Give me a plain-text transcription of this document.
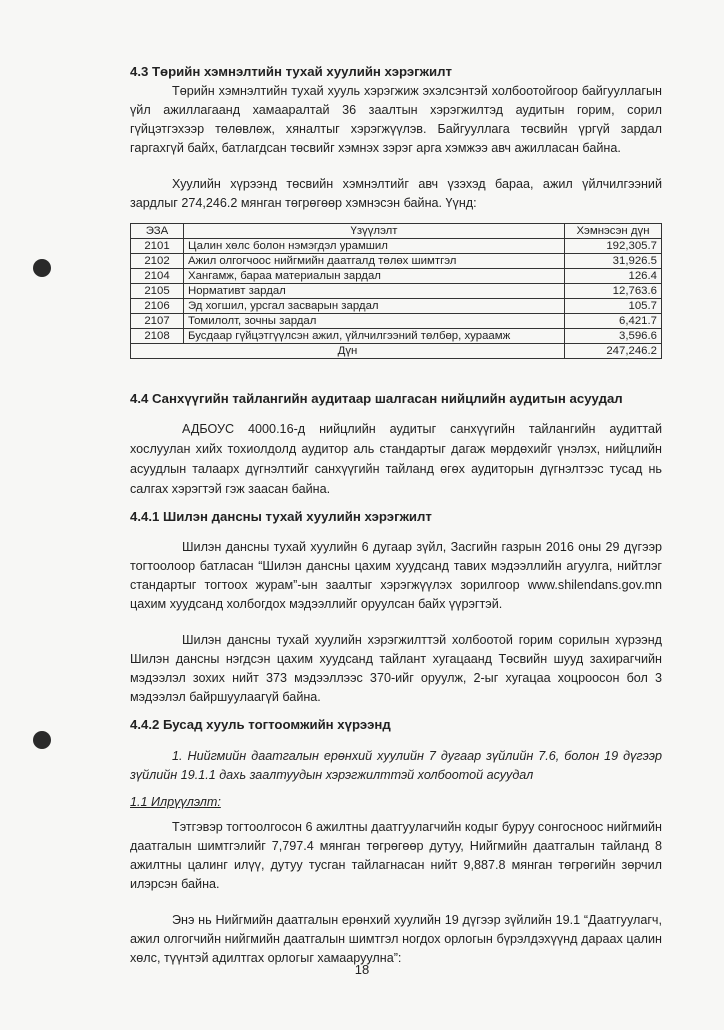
4.3 Төрийн хэмнэлтийн тухай хуулийн хэрэгжилт

Төрийн хэмнэлтийн тухай хууль хэрэгжиж эхэлсэнтэй холбоотойгоор байгууллагын үйл ажиллагаанд хамааралтай 36 заалтын хэрэгжилтэд аудитын горим, сорил гүйцэтгэхээр төлөвлөж, хяналтыг хэрэгжүүлэв. Байгууллага төсвийн үргүй зардал гаргахгүй байх, батлагдсан төсвийг хэмнэх зэрэг арга хэмжээ авч ажилласан байна.

Хуулийн хүрээнд төсвийн хэмнэлтийг авч үзэхэд бараа, ажил үйлчилгээний зардлыг 274,246.2 мянган төгрөгөөр хэмнэсэн байна. Үүнд:

ЭЗА	Үзүүлэлт	Хэмнэсэн дүн
2101	Цалин хөлс болон нэмэгдэл урамшил	192,305.7
2102	Ажил олгогчоос нийгмийн даатгалд төлөх шимтгэл	31,926.5
2104	Хангамж, бараа материалын зардал	126.4
2105	Нормативт зардал	12,763.6
2106	Эд хогшил, урсгал засварын зардал	105.7
2107	Томилолт, зочны зардал	6,421.7
2108	Бусдаар гүйцэтгүүлсэн ажил, үйлчилгээний төлбөр, хураамж	3,596.6
Дүн		247,246.2
4.4 Санхүүгийн тайлангийн аудитаар шалгасан нийцлийн аудитын асуудал

АДБОУС 4000.16-д нийцлийн аудитыг санхүүгийн тайлангийн аудиттай хослуулан хийх тохиолдолд аудитор аль стандартыг дагаж мөрдөхийг үнэлэх, нийцлийн асуудлын талаарх дүгнэлтийг санхүүгийн тайланд өгөх аудиторын дүгнэлтээс тусад нь салгах хэрэгтэй гэж заасан байна.

4.4.1 Шилэн дансны тухай хуулийн хэрэгжилт

Шилэн дансны тухай хуулийн 6 дугаар зүйл, Засгийн газрын 2016 оны 29 дүгээр тогтоолоор батласан “Шилэн дансны цахим хуудсанд тавих мэдээллийн агуулга, нийтлэг стандартыг тогтоох журам”-ын заалтыг хэрэгжүүлэх зорилгоор www.shilendans.gov.mn цахим хуудсанд холбогдох мэдээллийг оруулсан байх үүрэгтэй.

Шилэн дансны тухай хуулийн хэрэгжилттэй холбоотой горим сорилын хүрээнд Шилэн дансны нэгдсэн цахим хуудсанд тайлант хугацаанд Төсвийн шууд захирагчийн мэдээлэл зохих нийт 373 мэдээллээс 370-ийг оруулж, 2-ыг хугацаа хоцроосон бол 3 мэдээлэл байршуулаагүй байна.

4.4.2 Бусад хууль тогтоомжийн хүрээнд

1. Нийгмийн даатгалын ерөнхий хуулийн 7 дугаар зүйлийн 7.6, болон 19 дүгээр зүйлийн 19.1.1 дахь заалтуудын хэрэгжилттэй холбоотой асуудал

1.1 Илрүүлэлт:

Тэтгэвэр тогтоолгосон 6 ажилтны даатгуулагчийн кодыг буруу сонгосноос нийгмийн даатгалын шимтгэлийг 7,797.4 мянган төгрөгөөр дутуу, Нийгмийн даатгалын тайланд 8 ажилтны цалинг илүү, дутуу тусган тайлагнасан нийт 9,887.8 мянган төгрөгийн зөрчил илэрсэн байна.

Энэ нь Нийгмийн даатгалын ерөнхий хуулийн 19 дүгээр зүйлийн 19.1 “Даатгуулагч, ажил олгогчийн нийгмийн даатгалын шимтгэл ногдох орлогын бүрэлдэхүүнд дараах цалин хөлс, түүнтэй адилтгах орлогыг хамааруулна”:

18
